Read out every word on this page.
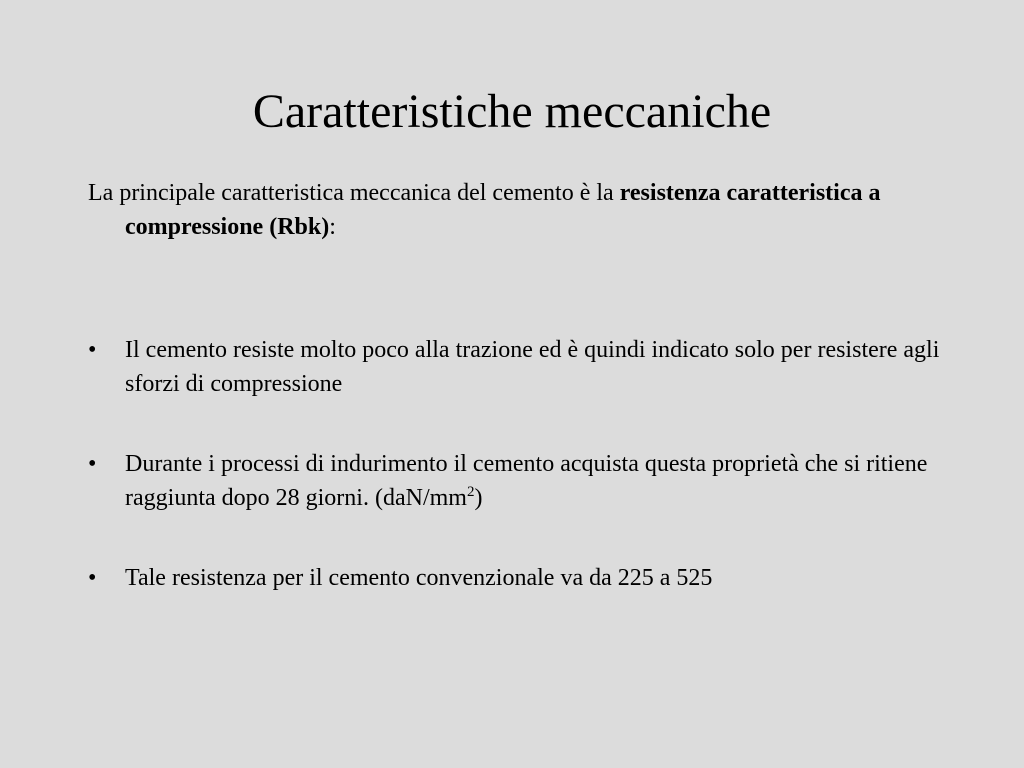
Caratteristiche meccaniche

La principale caratteristica meccanica del cemento è la resistenza caratteristica a compressione (Rbk):

•	Il cemento resiste molto poco alla trazione ed è quindi indicato solo per resistere agli sforzi di compressione
•	Durante i processi di indurimento il cemento acquista questa proprietà che si ritiene raggiunta dopo 28 giorni. $(daN/mm^2)$
•	Tale resistenza per il cemento convenzionale va da 225 a 525
